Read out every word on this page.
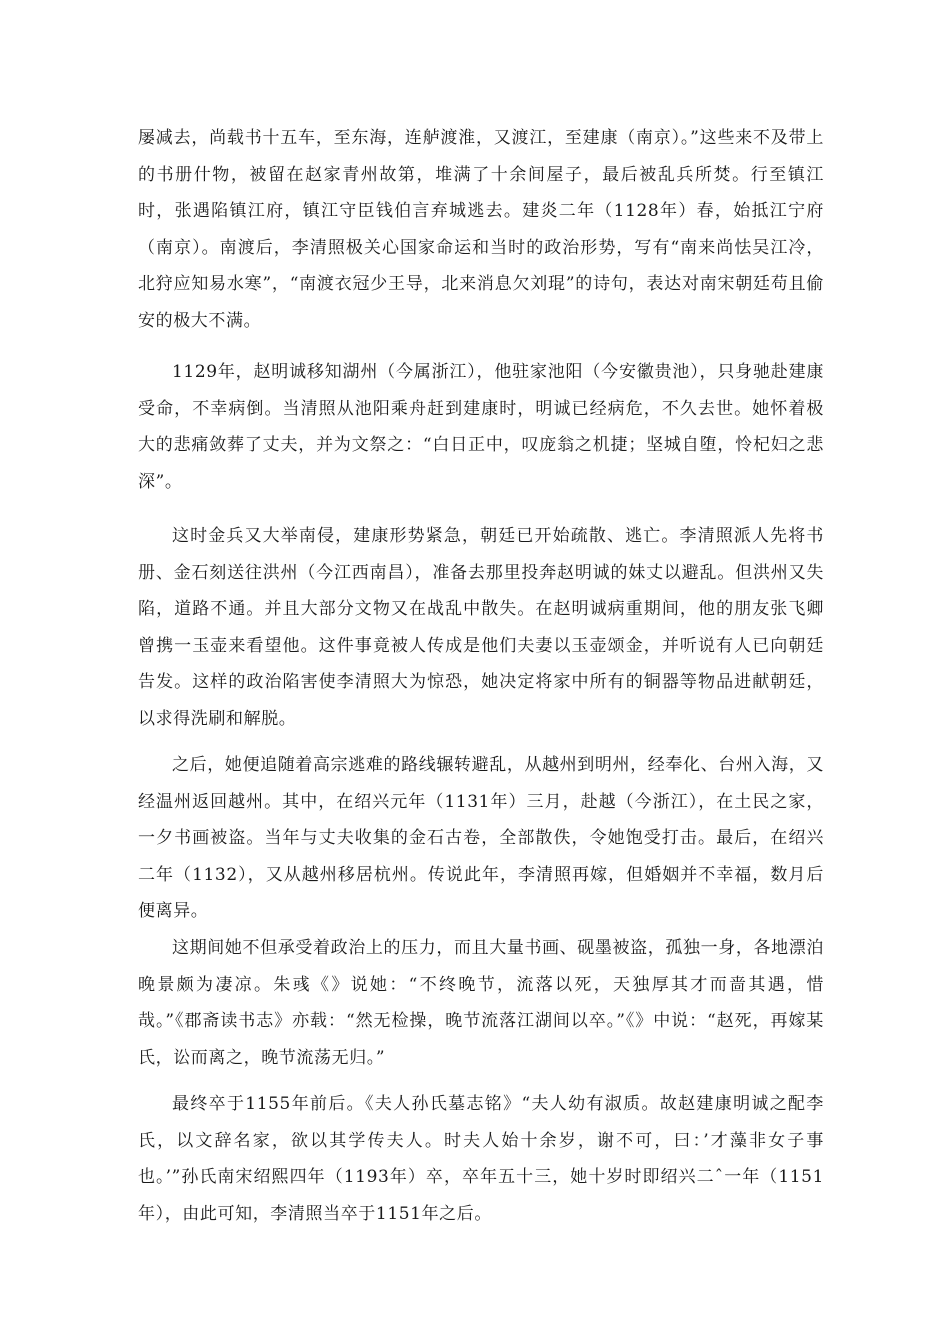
屡减去，尚载书十五车，至东海，连舻渡淮，又渡江，至建康（南京）。”这些来不及带上的书册什物，被留在赵家青州故第，堆满了十余间屋子，最后被乱兵所焚。行至镇江时，张遇陷镇江府，镇江守臣钱伯言弃城逃去。建炎二年（1128年）春，始抵江宁府（南京）。南渡后，李清照极关心国家命运和当时的政治形势，写有“南来尚怯吴江冷，北狩应知易水寒”，“南渡衣冠少王导，北来消息欠刘琨”的诗句，表达对南宋朝廷苟且偷安的极大不满。

1129年，赵明诚移知湖州（今属浙江），他驻家池阳（今安徽贵池），只身驰赴建康受命，不幸病倒。当清照从池阳乘舟赶到建康时，明诚已经病危，不久去世。她怀着极大的悲痛敛葬了丈夫，并为文祭之：“白日正中，叹庞翁之机捷；坚城自堕，怜杞妇之悲深”。

这时金兵又大举南侵，建康形势紧急，朝廷已开始疏散、逃亡。李清照派人先将书册、金石刻送往洪州（今江西南昌），准备去那里投奔赵明诚的妹丈以避乱。但洪州又失陷，道路不通。并且大部分文物又在战乱中散失。在赵明诚病重期间，他的朋友张飞卿曾携一玉壶来看望他。这件事竟被人传成是他们夫妻以玉壶颂金，并听说有人已向朝廷告发。这样的政治陷害使李清照大为惊恐，她决定将家中所有的铜器等物品进献朝廷，以求得洗刷和解脱。

之后，她便追随着高宗逃难的路线辗转避乱，从越州到明州，经奉化、台州入海，又经温州返回越州。其中，在绍兴元年（1131年）三月，赴越（今浙江），在土民之家，一夕书画被盗。当年与丈夫收集的金石古卷，全部散佚，令她饱受打击。最后，在绍兴二年（1132），又从越州移居杭州。传说此年，李清照再嫁，但婚姻并不幸福，数月后便离异。

这期间她不但承受着政治上的压力，而且大量书画、砚墨被盗，孤独一身，各地漂泊晚景颇为凄凉。朱彧《》说她：“不终晚节，流落以死，天独厚其才而啬其遇，惜哉。”《郡斋读书志》亦载：“然无检操，晚节流落江湖间以卒。”《》中说：“赵死，再嫁某氏，讼而离之，晚节流荡无归。”

最终卒于1155年前后。《夫人孙氏墓志铭》“夫人幼有淑质。故赵建康明诚之配李氏，以文辞名家，欲以其学传夫人。时夫人始十余岁，谢不可，曰：’才藻非女子事也。’”孙氏南宋绍熙四年（1193年）卒，卒年五十三，她十岁时即绍兴二ˆ一年（1151年），由此可知，李清照当卒于1151年之后。
